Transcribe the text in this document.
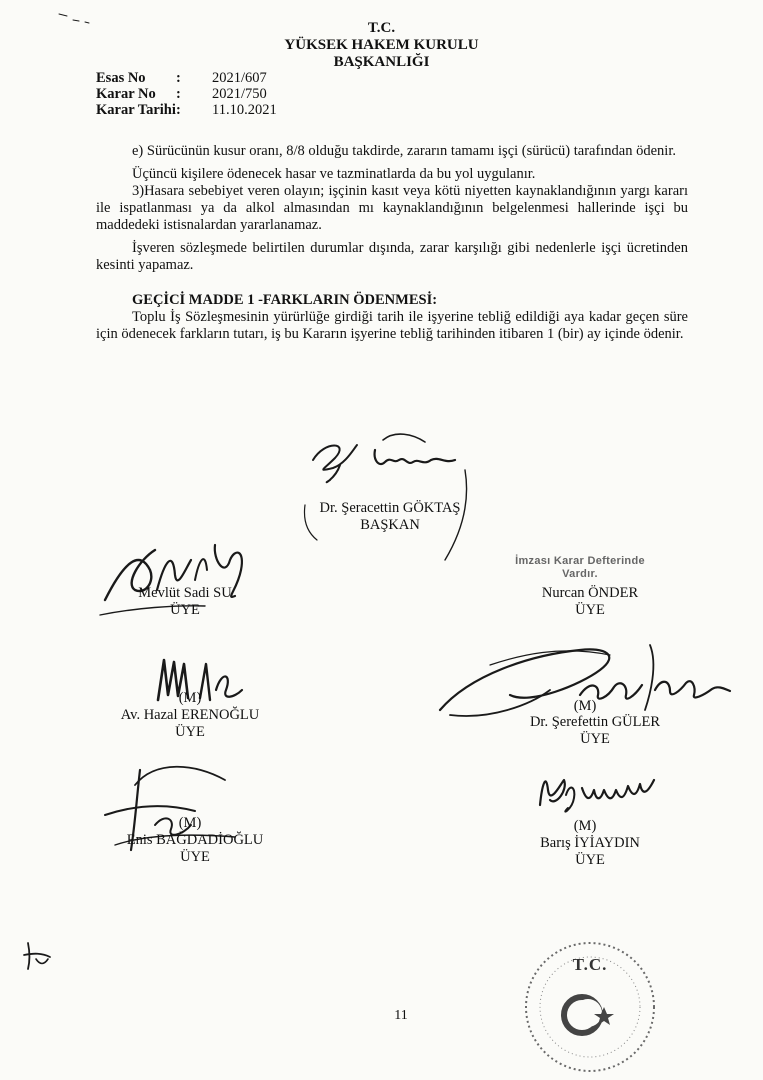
T.C.
YÜKSEK HAKEM KURULU
BAŞKANLIĞI
Esas No	:	2021/607
Karar No	:	2021/750
Karar Tarihi :	11.10.2021

e) Sürücünün kusur oranı, 8/8 olduğu takdirde, zararın tamamı işçi (sürücü) tarafından ödenir.

Üçüncü kişilere ödenecek hasar ve tazminatlarda da bu yol uygulanır.

3)Hasara sebebiyet veren olayın; işçinin kasıt veya kötü niyetten kaynaklandığının yargı kararı ile ispatlanması ya da alkol almasından mı kaynaklandığının belgelenmesi hallerinde işçi bu maddedeki istisnalardan yararlanamaz.

İşveren sözleşmede belirtilen durumlar dışında, zarar karşılığı gibi nedenlerle işçi ücretinden kesinti yapamaz.

GEÇİCİ MADDE 1 -FARKLARIN ÖDENMESİ:

Toplu İş Sözleşmesinin yürürlüğe girdiği tarih ile işyerine tebliğ edildiği aya kadar geçen süre için ödenecek farkların tutarı, iş bu Kararın işyerine tebliğ tarihinden itibaren 1 (bir) ay içinde ödenir.

Dr. Şeracettin GÖKTAŞ
BAŞKAN
Mevlüt Sadi SU
ÜYE
İmzası Karar Defterinde Vardır.
Nurcan ÖNDER
ÜYE
(M)
Av. Hazal ERENOĞLU
ÜYE
(M)
Dr. Şerefettin GÜLER
ÜYE
(M)
Enis BAĞDADİOĞLU
ÜYE
(M)
Barış İYİAYDIN
ÜYE
11
T.C.
